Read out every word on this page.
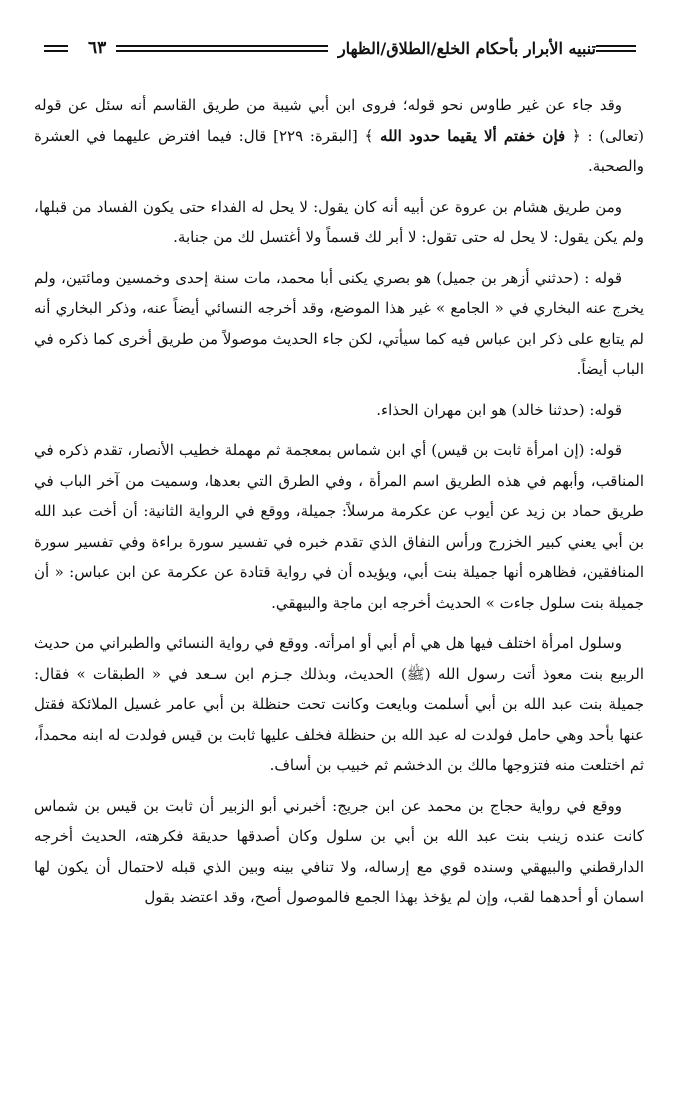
تنبيه الأبرار بأحكام الخلع/الطلاق/الظهار
٦٣

وقد جاء عن غير طاوس نحو قوله؛ فروى ابن أبي شيبة من طريق القاسم أنه سئل عن قوله (تعالى) : ﴿ فإن خفتم ألا يقيما حدود الله ﴾ [البقرة: ٢٢٩] قال: فيما افترض عليهما في العشرة والصحبة.

ومن طريق هشام بن عروة عن أبيه أنه كان يقول: لا يحل له الفداء حتى يكون الفساد من قبلها، ولم يكن يقول: لا يحل له حتى تقول: لا أبر لك قسماً ولا أغتسل لك من جنابة.

قوله : (حدثني أزهر بن جميل) هو بصري يكنى أبا محمد، مات سنة إحدى وخمسين ومائتين، ولم يخرج عنه البخاري في « الجامع » غير هذا الموضع، وقد أخرجه النسائي أيضاً عنه، وذكر البخاري أنه لم يتابع على ذكر ابن عباس فيه كما سيأتي، لكن جاء الحديث موصولاً من طريق أخرى كما ذكره في الباب أيضاً.

قوله: (حدثنا خالد) هو ابن مهران الحذاء.

قوله: (إن امرأة ثابت بن قيس) أي ابن شماس بمعجمة ثم مهملة خطيب الأنصار، تقدم ذكره في المناقب، وأبهم في هذه الطريق اسم المرأة ، وفي الطرق التي بعدها، وسميت من آخر الباب في طريق حماد بن زيد عن أيوب عن عكرمة مرسلاً: جميلة، ووقع في الرواية الثانية: أن أخت عبد الله بن أبي يعني كبير الخزرج ورأس النفاق الذي تقدم خبره في تفسير سورة براءة وفي تفسير سورة المنافقين، فظاهره أنها جميلة بنت أبي، ويؤيده أن في رواية قتادة عن عكرمة عن ابن عباس: « أن جميلة بنت سلول جاءت » الحديث أخرجه ابن ماجة والبيهقي.

وسلول امرأة اختلف فيها هل هي أم أبي أو امرأته. ووقع في رواية النسائي والطبراني من حديث الربيع بنت معوذ أتت رسول الله (ﷺ) الحديث، وبذلك جـزم ابن سـعد في « الطبقات » فقال: جميلة بنت عبد الله بن أبي أسلمت وبايعت وكانت تحت حنظلة بن أبي عامر غسيل الملائكة فقتل عنها بأحد وهي حامل فولدت له عبد الله بن حنظلة فخلف عليها ثابت بن قيس فولدت له ابنه محمداً، ثم اختلعت منه فتزوجها مالك بن الدخشم ثم خبيب بن أساف.

ووقع في رواية حجاج بن محمد عن ابن جريج: أخبرني أبو الزبير أن ثابت بن قيس بن شماس كانت عنده زينب بنت عبد الله بن أبي بن سلول وكان أصدقها حديقة فكرهته، الحديث أخرجه الدارقطني والبيهقي وسنده قوي مع إرساله، ولا تنافي بينه وبين الذي قبله لاحتمال أن يكون لها اسمان أو أحدهما لقب، وإن لم يؤخذ بهذا الجمع فالموصول أصح، وقد اعتضد بقول
